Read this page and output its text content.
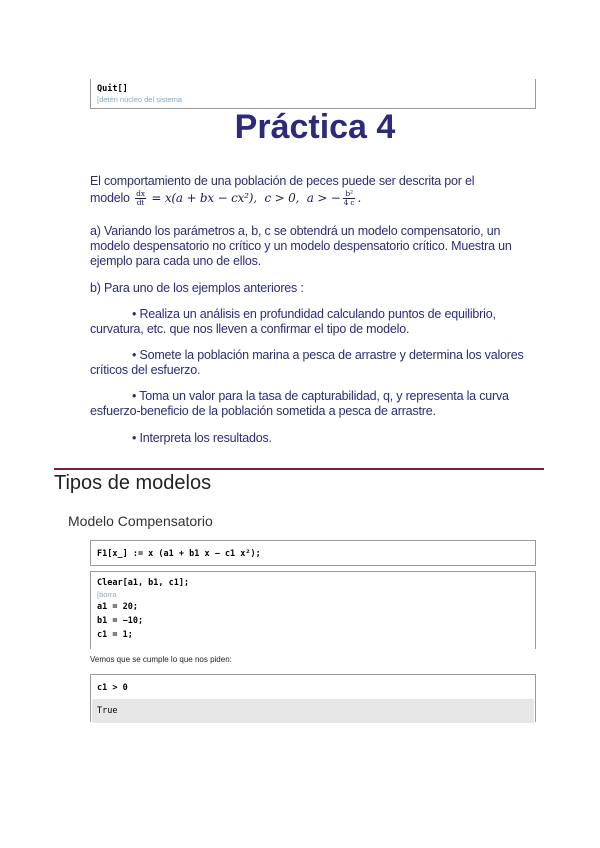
Quit[]
[detén núcleo del sistema
Práctica 4
El comportamiento de una población de peces puede ser descrita por el
modelo $\frac{dx}{dt} = x(a$ + bx − cx²), c > 0, a > − $\frac{\text{b²}}{4 c}$ .
a) Variando los parámetros a, b, c se obtendrá un modelo compensatorio, un modelo despensatorio no crítico y un modelo despensatorio crítico. Muestra un ejemplo para cada uno de ellos.
b) Para uno de los ejemplos anteriores :
• Realiza un análisis en profundidad calculando puntos de equilibrio, curvatura, etc. que nos lleven a confirmar el tipo de modelo.
• Somete la población marina a pesca de arrastre y determina los valores críticos del esfuerzo.
• Toma un valor para la tasa de capturabilidad, q, y representa la curva esfuerzo-beneficio de la población sometida a pesca de arrastre.
• Interpreta los resultados.
Tipos de modelos
Modelo Compensatorio
F1[x_] := x (a1 + b1 x − c1 x²);
Clear[a1, b1, c1];
[borra
a1 = 20;
b1 = −10;
c1 = 1;
Vemos que se cumple lo que nos piden:
c1 > 0
True
